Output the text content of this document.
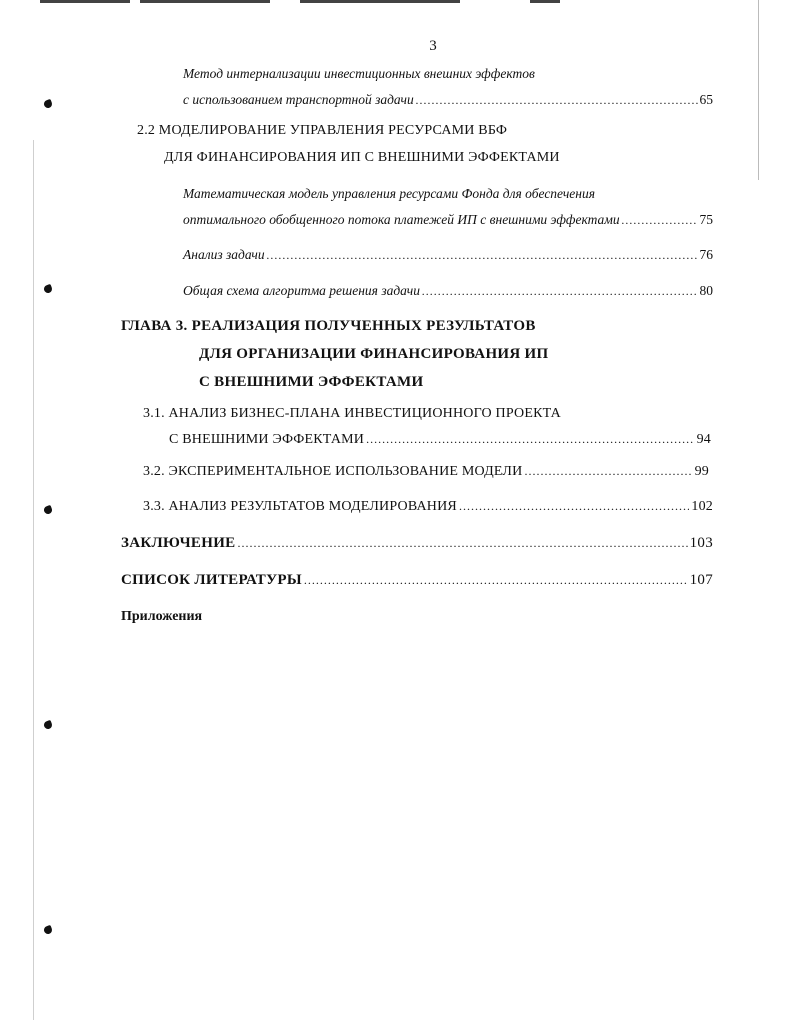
3
Метод интернализации инвестиционных внешних эффектов
с использованием транспортной задачи .....	65
2.2 МОДЕЛИРОВАНИЕ УПРАВЛЕНИЯ РЕСУРСАМИ ВБФ
ДЛЯ ФИНАНСИРОВАНИЯ ИП С ВНЕШНИМИ ЭФФЕКТАМИ
Математическая модель управления ресурсами Фонда для обеспечения
оптимального обобщенного потока платежей ИП с внешними эффектами .....	75
Анализ задачи .....	76
Общая схема алгоритма решения задачи .....	80
ГЛАВА 3. РЕАЛИЗАЦИЯ ПОЛУЧЕННЫХ РЕЗУЛЬТАТОВ
ДЛЯ ОРГАНИЗАЦИИ ФИНАНСИРОВАНИЯ ИП
С ВНЕШНИМИ ЭФФЕКТАМИ
3.1. АНАЛИЗ БИЗНЕС-ПЛАНА ИНВЕСТИЦИОННОГО ПРОЕКТА
С ВНЕШНИМИ ЭФФЕКТАМИ .....	94
3.2. ЭКСПЕРИМЕНТАЛЬНОЕ ИСПОЛЬЗОВАНИЕ МОДЕЛИ .....	99
3.3. АНАЛИЗ РЕЗУЛЬТАТОВ МОДЕЛИРОВАНИЯ .....	102
ЗАКЛЮЧЕНИЕ .....	103
СПИСОК ЛИТЕРАТУРЫ .....	107
Приложения
